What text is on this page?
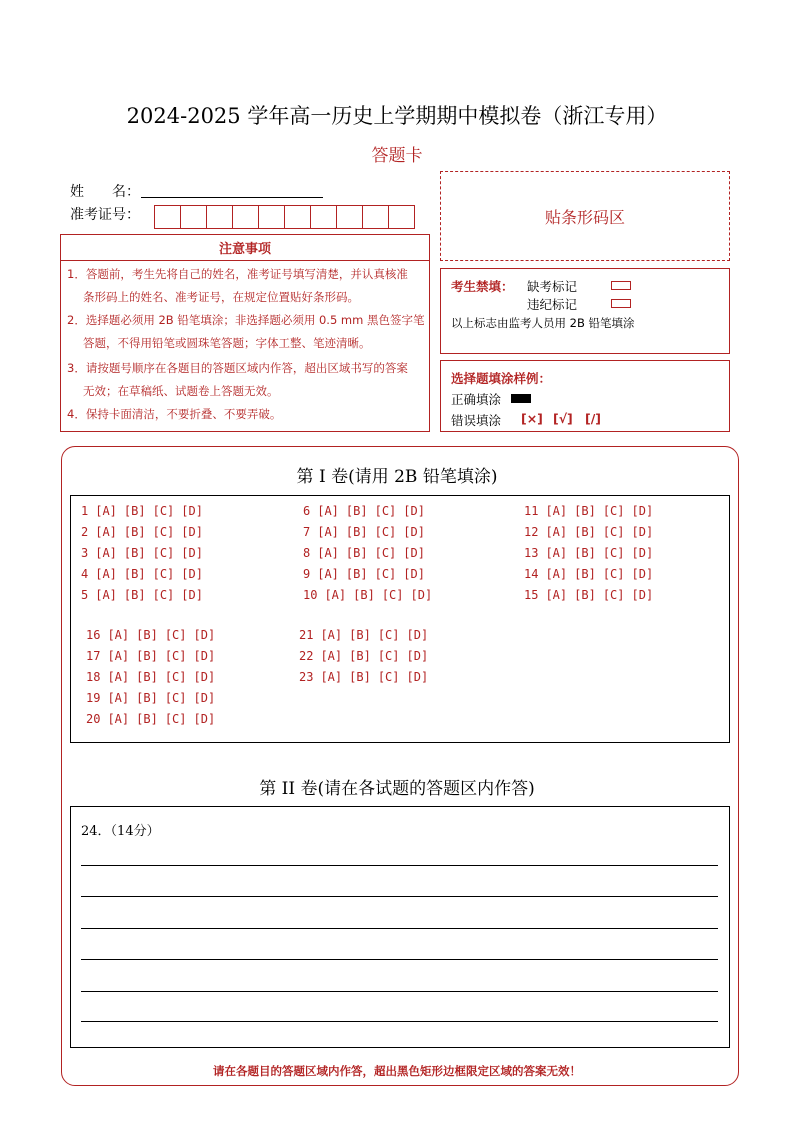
2024-2025 学年高一历史上学期期中模拟卷（浙江专用）
答题卡
姓　　名：
准考证号：	贴条形码区
注意事项
1．答题前，考生先将自己的姓名，准考证号填写清楚，并认真核准
条形码上的姓名、准考证号，在规定位置贴好条形码。
2．选择题必须用 2B 铅笔填涂；非选择题必须用 0.5 mm 黑色签字笔
答题，不得用铅笔或圆珠笔答题；字体工整、笔迹清晰。
3．请按题号顺序在各题目的答题区域内作答，超出区域书写的答案
无效；在草稿纸、试题卷上答题无效。
4．保持卡面清洁，不要折叠、不要弄破。
考生禁填： 缺考标记
违纪标记
以上标志由监考人员用 2B 铅笔填涂
选择题填涂样例：
正确填涂
错误填涂 [×] [√] [/]
第 I 卷(请用 2B 铅笔填涂)
1 [A] [B] [C] [D]
2 [A] [B] [C] [D]
3 [A] [B] [C] [D]
4 [A] [B] [C] [D]
5 [A] [B] [C] [D]
6 [A] [B] [C] [D]
7 [A] [B] [C] [D]
8 [A] [B] [C] [D]
9 [A] [B] [C] [D]
10 [A] [B] [C] [D]
11 [A] [B] [C] [D]
12 [A] [B] [C] [D]
13 [A] [B] [C] [D]
14 [A] [B] [C] [D]
15 [A] [B] [C] [D]
16 [A] [B] [C] [D]
17 [A] [B] [C] [D]
18 [A] [B] [C] [D]
19 [A] [B] [C] [D]
20 [A] [B] [C] [D]
21 [A] [B] [C] [D]
22 [A] [B] [C] [D]
23 [A] [B] [C] [D]
第 II 卷(请在各试题的答题区内作答)
24．（14分）
请在各题目的答题区域内作答，超出黑色矩形边框限定区域的答案无效！
